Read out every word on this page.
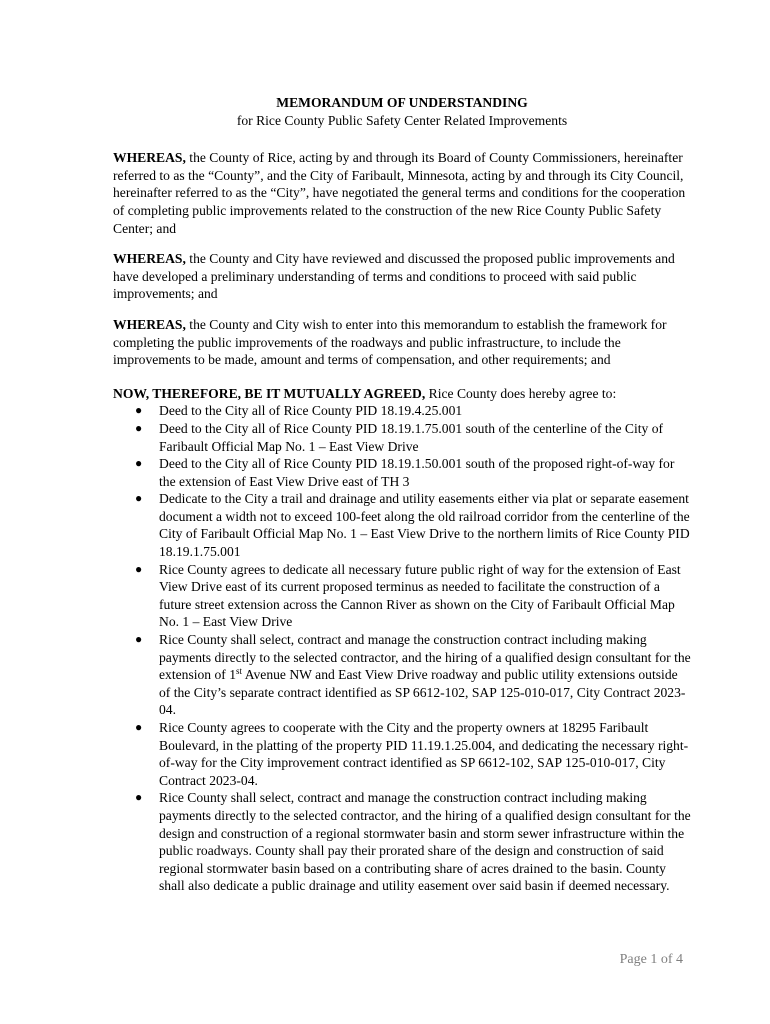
MEMORANDUM OF UNDERSTANDING
for Rice County Public Safety Center Related Improvements

WHEREAS, the County of Rice, acting by and through its Board of County Commissioners, hereinafter referred to as the “County”, and the City of Faribault, Minnesota, acting by and through its City Council, hereinafter referred to as the “City”, have negotiated the general terms and conditions for the cooperation of completing public improvements related to the construction of the new Rice County Public Safety Center; and

WHEREAS, the County and City have reviewed and discussed the proposed public improvements and have developed a preliminary understanding of terms and conditions to proceed with said public improvements; and

WHEREAS, the County and City wish to enter into this memorandum to establish the framework for completing the public improvements of the roadways and public infrastructure, to include the improvements to be made, amount and terms of compensation, and other requirements; and

NOW, THEREFORE, BE IT MUTUALLY AGREED, Rice County does hereby agree to:

● Deed to the City all of Rice County PID 18.19.4.25.001
● Deed to the City all of Rice County PID 18.19.1.75.001 south of the centerline of the City of Faribault Official Map No. 1 – East View Drive
● Deed to the City all of Rice County PID 18.19.1.50.001 south of the proposed right-of-way for the extension of East View Drive east of TH 3
● Dedicate to the City a trail and drainage and utility easements either via plat or separate easement document a width not to exceed 100-feet along the old railroad corridor from the centerline of the City of Faribault Official Map No. 1 – East View Drive to the northern limits of Rice County PID 18.19.1.75.001
● Rice County agrees to dedicate all necessary future public right of way for the extension of East View Drive east of its current proposed terminus as needed to facilitate the construction of a future street extension across the Cannon River as shown on the City of Faribault Official Map No. 1 – East View Drive
● Rice County shall select, contract and manage the construction contract including making payments directly to the selected contractor, and the hiring of a qualified design consultant for the extension of 1st Avenue NW and East View Drive roadway and public utility extensions outside of the City’s separate contract identified as SP 6612-102, SAP 125-010-017, City Contract 2023-04.
● Rice County agrees to cooperate with the City and the property owners at 18295 Faribault Boulevard, in the platting of the property PID 11.19.1.25.004, and dedicating the necessary right-of-way for the City improvement contract identified as SP 6612-102, SAP 125-010-017, City Contract 2023-04.
● Rice County shall select, contract and manage the construction contract including making payments directly to the selected contractor, and the hiring of a qualified design consultant for the design and construction of a regional stormwater basin and storm sewer infrastructure within the public roadways. County shall pay their prorated share of the design and construction of said regional stormwater basin based on a contributing share of acres drained to the basin. County shall also dedicate a public drainage and utility easement over said basin if deemed necessary.
Page 1 of 4
